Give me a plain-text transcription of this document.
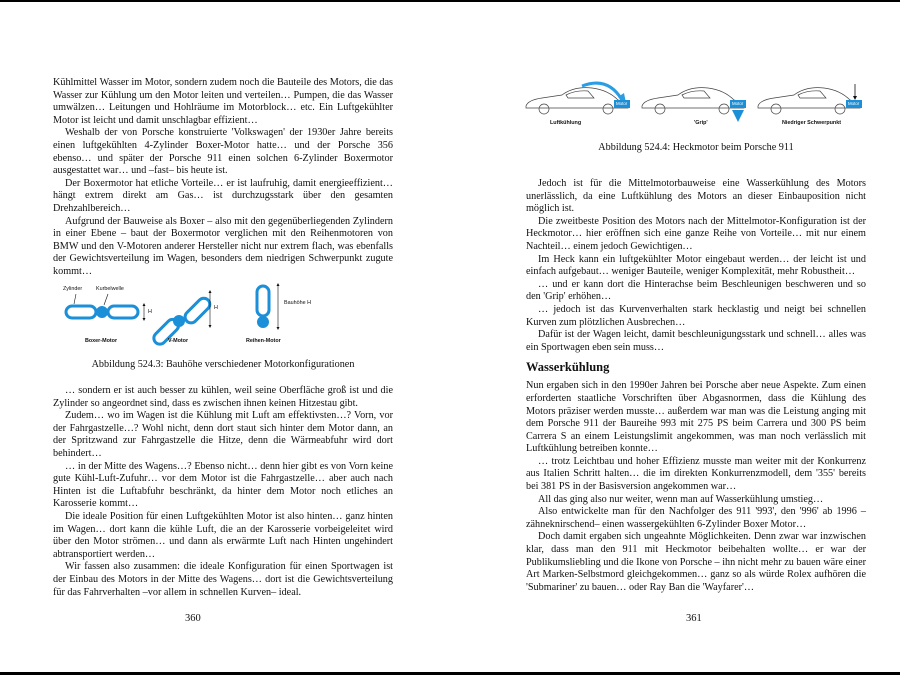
Kühlmittel Wasser im Motor, sondern zudem noch die Bauteile des Motors, die das Wasser zur Kühlung um den Motor leiten und verteilen… Pumpen, die das Wasser umwälzen… Leitungen und Hohlräume im Motorblock… etc. Ein Luftgekühlter Motor ist leicht und damit unschlagbar effizient…

Weshalb der von Porsche konstruierte 'Volkswagen' der 1930er Jahre bereits einen luftgekühlten 4-Zylinder Boxer-Motor hatte… und der Porsche 356 ebenso… und später der Porsche 911 einen solchen 6-Zylinder Boxermotor ausgestattet war… und –fast– bis heute ist.

Der Boxermotor hat etliche Vorteile… er ist laufruhig, damit energieeffizient… hängt extrem direkt am Gas… ist durchzugsstark über den gesamten Drehzahlbereich…

Aufgrund der Bauweise als Boxer – also mit den gegenüberliegenden Zylindern in einer Ebene – baut der Boxermotor verglichen mit den Reihenmotoren von BMW und den V-Motoren anderer Hersteller nicht nur extrem flach, was ebenfalls der Gewichtsverteilung im Wagen, besonders dem niedrigen Schwerpunkt zugute kommt…

Zylinder	Kurbelwelle
H
H
Bauhöhe H
Boxer-Motor	V-Motor	Reihen-Motor
Abbildung 524.3: Bauhöhe verschiedener Motorkonfigurationen

… sondern er ist auch besser zu kühlen, weil seine Oberfläche groß ist und die Zylinder so angeordnet sind, dass es zwischen ihnen keinen Hitzestau gibt.

Zudem… wo im Wagen ist die Kühlung mit Luft am effektivsten…? Vorn, vor der Fahrgastzelle…? Wohl nicht, denn dort staut sich hinter dem Motor dann, an der Spritzwand zur Fahrgastzelle die Hitze, denn die Wärmeabfuhr wird dort behindert…

… in der Mitte des Wagens…? Ebenso nicht… denn hier gibt es von Vorn keine gute Kühl-Luft-Zufuhr… vor dem Motor ist die Fahrgastzelle… aber auch nach Hinten ist die Luftabfuhr beschränkt, da hinter dem Motor noch etliches an Karosserie kommt…

Die ideale Position für einen Luftgekühlten Motor ist also hinten… ganz hinten im Wagen… dort kann die kühle Luft, die an der Karosserie vorbeigeleitet wird über den Motor strömen… und dann als erwärmte Luft nach Hinten ungehindert abtransportiert werden…

Wir fassen also zusammen: die ideale Konfiguration für einen Sportwagen ist der Einbau des Motors in der Mitte des Wagens… dort ist die Gewichtsverteilung für das Fahrverhalten –vor allem in schnellen Kurven– ideal.

360
Motor	Motor	Motor
Luftkühlung	'Grip'	Niedriger Schwerpunkt
Abbildung 524.4: Heckmotor beim Porsche 911

Jedoch ist für die Mittelmotorbauweise eine Wasserkühlung des Motors unerlässlich, da eine Luftkühlung des Motors an dieser Einbauposition nicht möglich ist.

Die zweitbeste Position des Motors nach der Mittelmotor-Konfiguration ist der Heckmotor… hier eröffnen sich eine ganze Reihe von Vorteile… mit nur einem Nachteil… einem jedoch Gewichtigen…

Im Heck kann ein luftgekühlter Motor eingebaut werden… der leicht ist und einfach aufgebaut… weniger Bauteile, weniger Komplexität, mehr Robustheit…

… und er kann dort die Hinterachse beim Beschleunigen beschweren und so den 'Grip' erhöhen…

… jedoch ist das Kurvenverhalten stark hecklastig und neigt bei schnellen Kurven zum plötzlichen Ausbrechen…

Dafür ist der Wagen leicht, damit beschleunigungsstark und schnell… alles was ein Sportwagen eben sein muss…

Wasserkühlung

Nun ergaben sich in den 1990er Jahren bei Porsche aber neue Aspekte. Zum einen erforderten staatliche Vorschriften über Abgasnormen, dass die Kühlung des Motors präziser werden musste… außerdem war man was die Leistung anging mit dem Porsche 911 der Baureihe 993 mit 275 PS beim Carrera und 300 PS beim Carrera S an einem Leistungslimit angekommen, was man noch verlässlich mit Luftkühlung betreiben konnte…

… trotz Leichtbau und hoher Effizienz musste man weiter mit der Konkurrenz aus Italien Schritt halten… die im direkten Konkurrenzmodell, dem '355' bereits bei 381 PS in der Basisversion angekommen war…

All das ging also nur weiter, wenn man auf Wasserkühlung umstieg…

Also entwickelte man für den Nachfolger des 911 '993', den '996' ab 1996 –zähneknirschend– einen wassergekühlten 6-Zylinder Boxer Motor…

Doch damit ergaben sich ungeahnte Möglichkeiten. Denn zwar war inzwischen klar, dass man den 911 mit Heckmotor beibehalten wollte… er war der Publikumsliebling und die Ikone von Porsche – ihn nicht mehr zu bauen wäre einer Art Marken-Selbstmord gleichgekommen… ganz so als würde Rolex aufhören die 'Submariner' zu bauen… oder Ray Ban die 'Wayfarer'…

361
